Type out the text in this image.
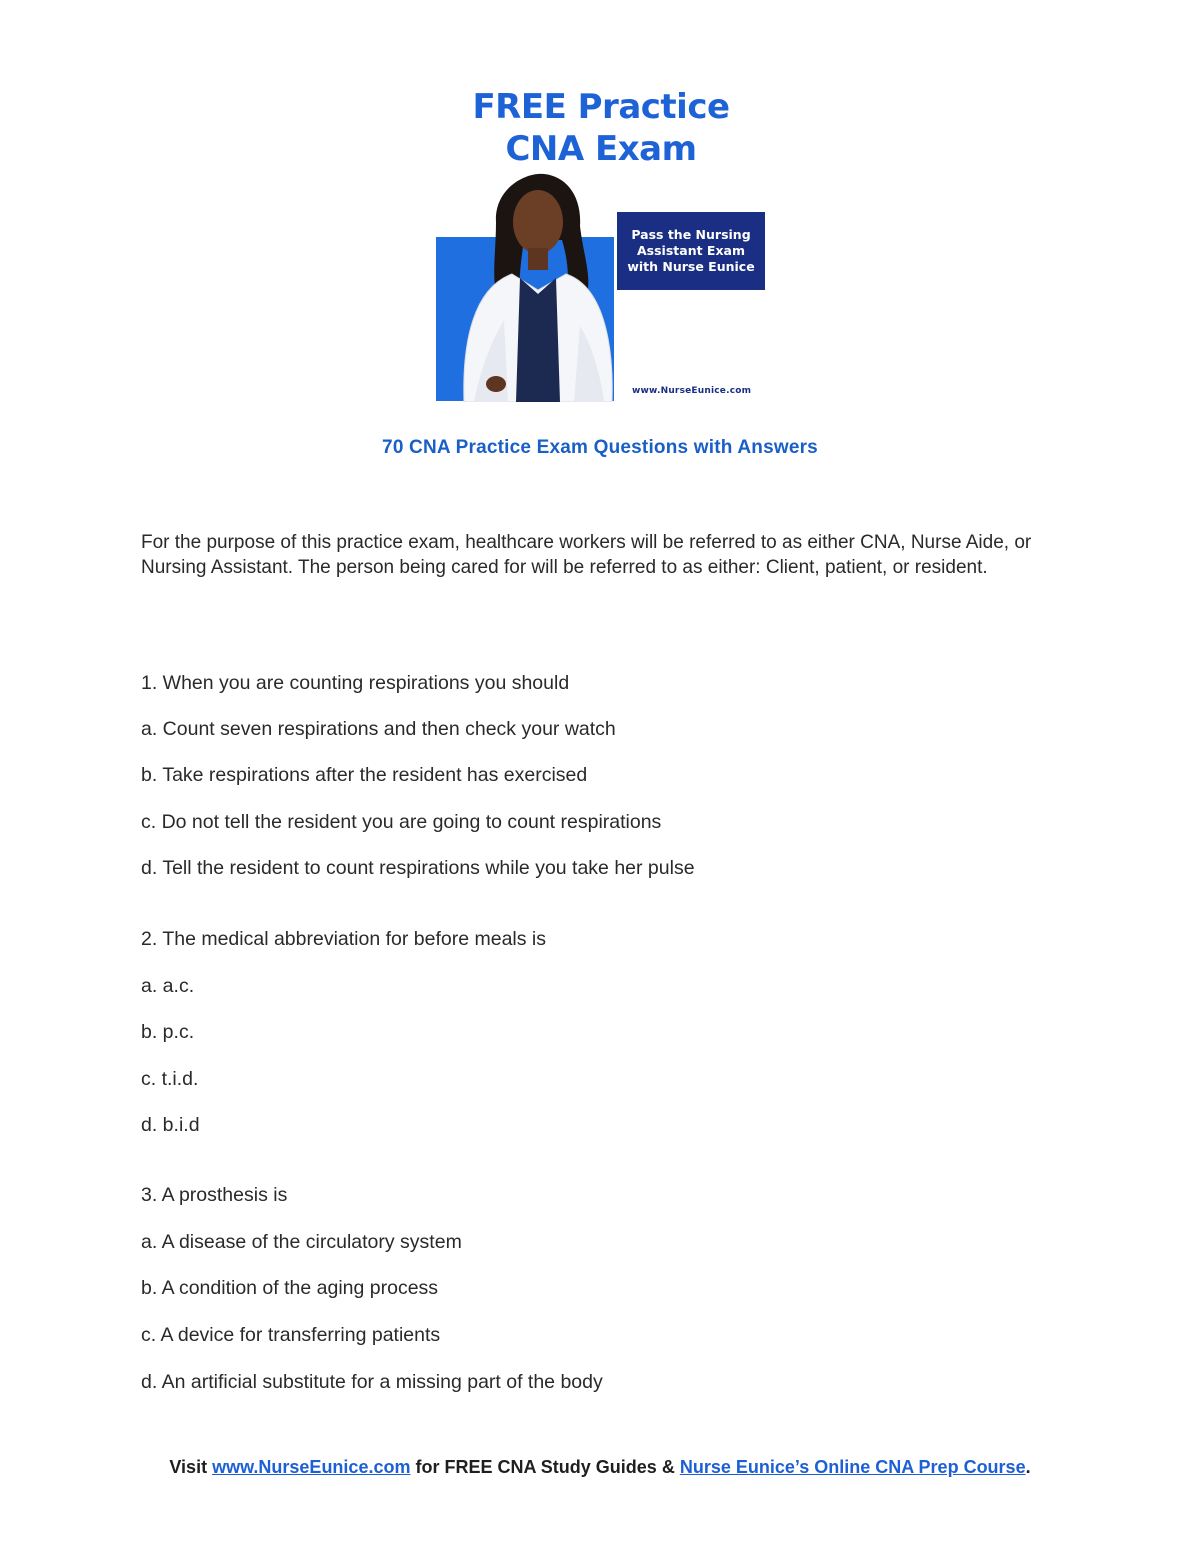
FREE Practice
CNA Exam
Pass the Nursing Assistant Exam with Nurse Eunice
www.NurseEunice.com
70 CNA Practice Exam Questions with Answers
For the purpose of this practice exam, healthcare workers will be referred to as either CNA, Nurse Aide, or Nursing Assistant. The person being cared for will be referred to as either: Client, patient, or resident.
1. When you are counting respirations you should
a. Count seven respirations and then check your watch
b. Take respirations after the resident has exercised
c. Do not tell the resident you are going to count respirations
d. Tell the resident to count respirations while you take her pulse
2. The medical abbreviation for before meals is
a. a.c.
b. p.c.
c. t.i.d.
d. b.i.d
3. A prosthesis is
a. A disease of the circulatory system
b. A condition of the aging process
c. A device for transferring patients
d. An artificial substitute for a missing part of the body
Visit www.NurseEunice.com for FREE CNA Study Guides & Nurse Eunice’s Online CNA Prep Course.
